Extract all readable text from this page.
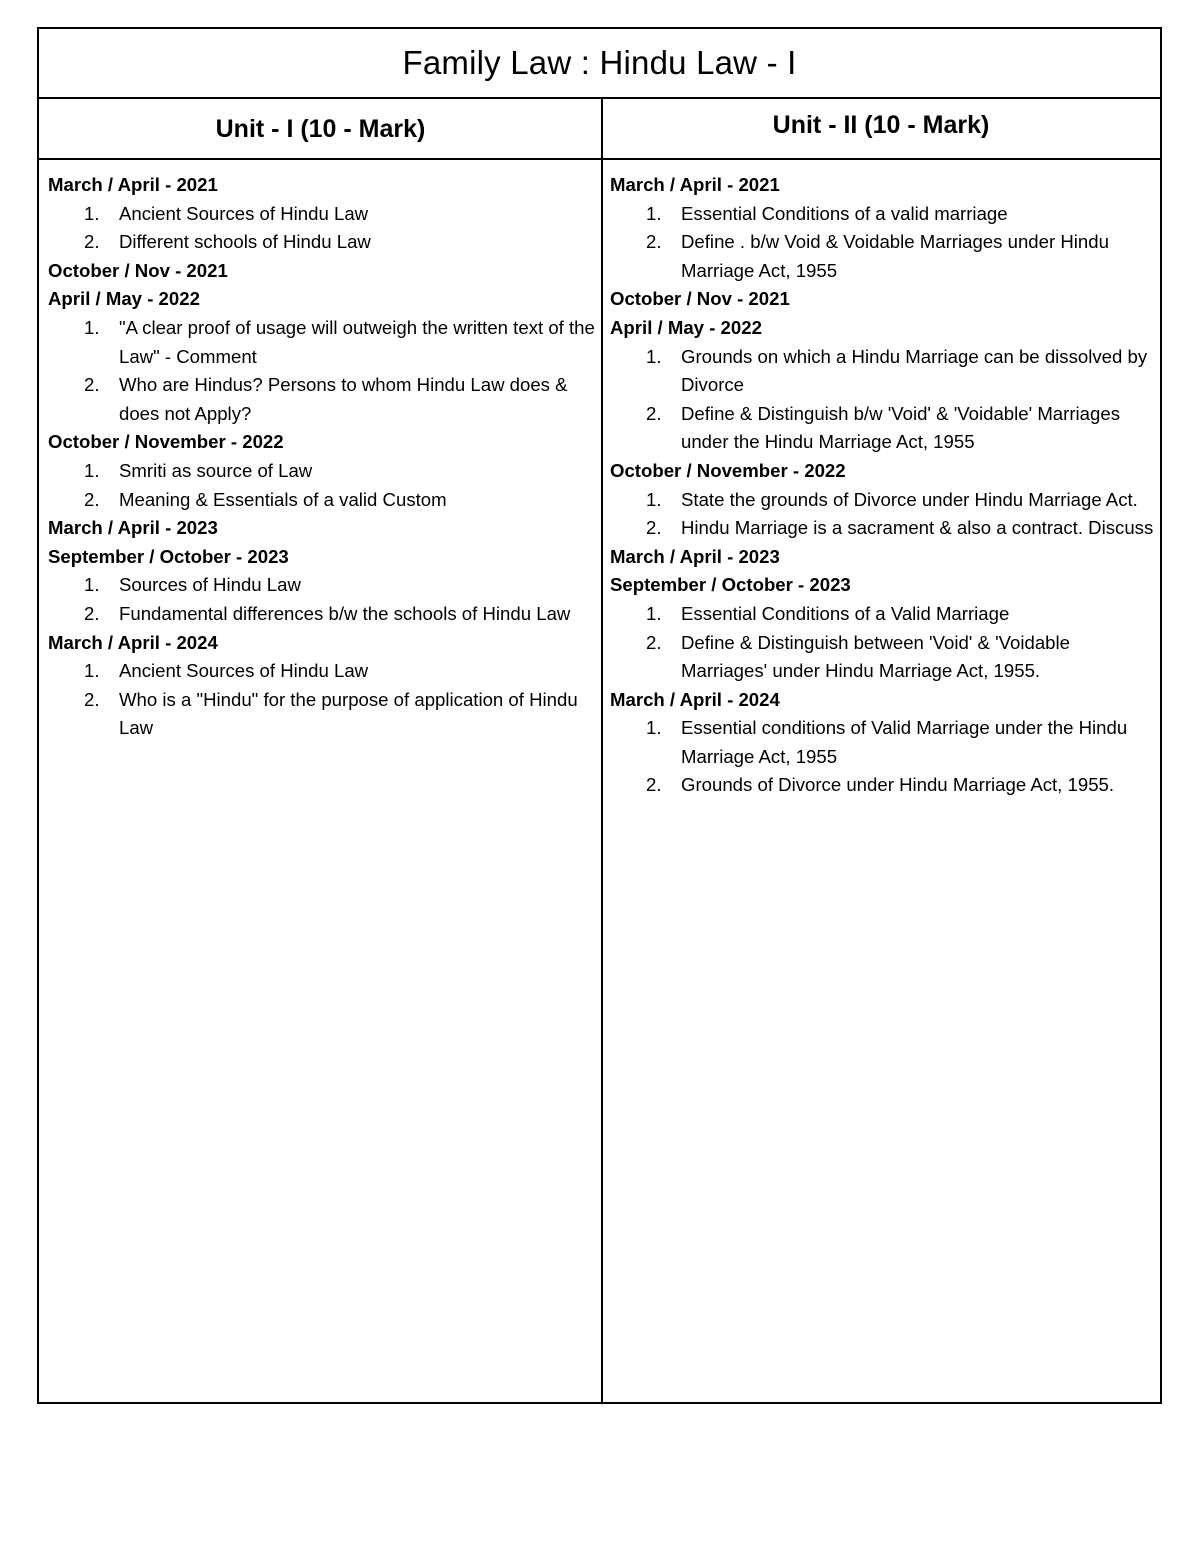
Family Law : Hindu Law - I
Unit - I (10 - Mark)	Unit - II (10 - Mark)
March / April - 2021
1. Ancient Sources of Hindu Law
2. Different schools of Hindu Law
October / Nov - 2021
April / May - 2022
1. "A clear proof of usage will outweigh the written text of the Law" - Comment
2. Who are Hindus? Persons to whom Hindu Law does & does not Apply?
October / November - 2022
1. Smriti as source of Law
2. Meaning & Essentials of a valid Custom
March / April - 2023
September / October - 2023
1. Sources of Hindu Law
2. Fundamental differences b/w the schools of Hindu Law
March / April - 2024
1. Ancient Sources of Hindu Law
2. Who is a "Hindu" for the purpose of application of Hindu Law
March / April - 2021
1. Essential Conditions of a valid marriage
2. Define . b/w Void & Voidable Marriages under Hindu Marriage Act, 1955
October / Nov - 2021
April / May - 2022
1. Grounds on which a Hindu Marriage can be dissolved by Divorce
2. Define & Distinguish b/w 'Void' & 'Voidable' Marriages under the Hindu Marriage Act, 1955
October / November - 2022
1. State the grounds of Divorce under Hindu Marriage Act.
2. Hindu Marriage is a sacrament & also a contract. Discuss
March / April - 2023
September / October - 2023
1. Essential Conditions of a Valid Marriage
2. Define & Distinguish between 'Void' & 'Voidable Marriages' under Hindu Marriage Act, 1955.
March / April - 2024
1. Essential conditions of Valid Marriage under the Hindu Marriage Act, 1955
2. Grounds of Divorce under Hindu Marriage Act, 1955.
